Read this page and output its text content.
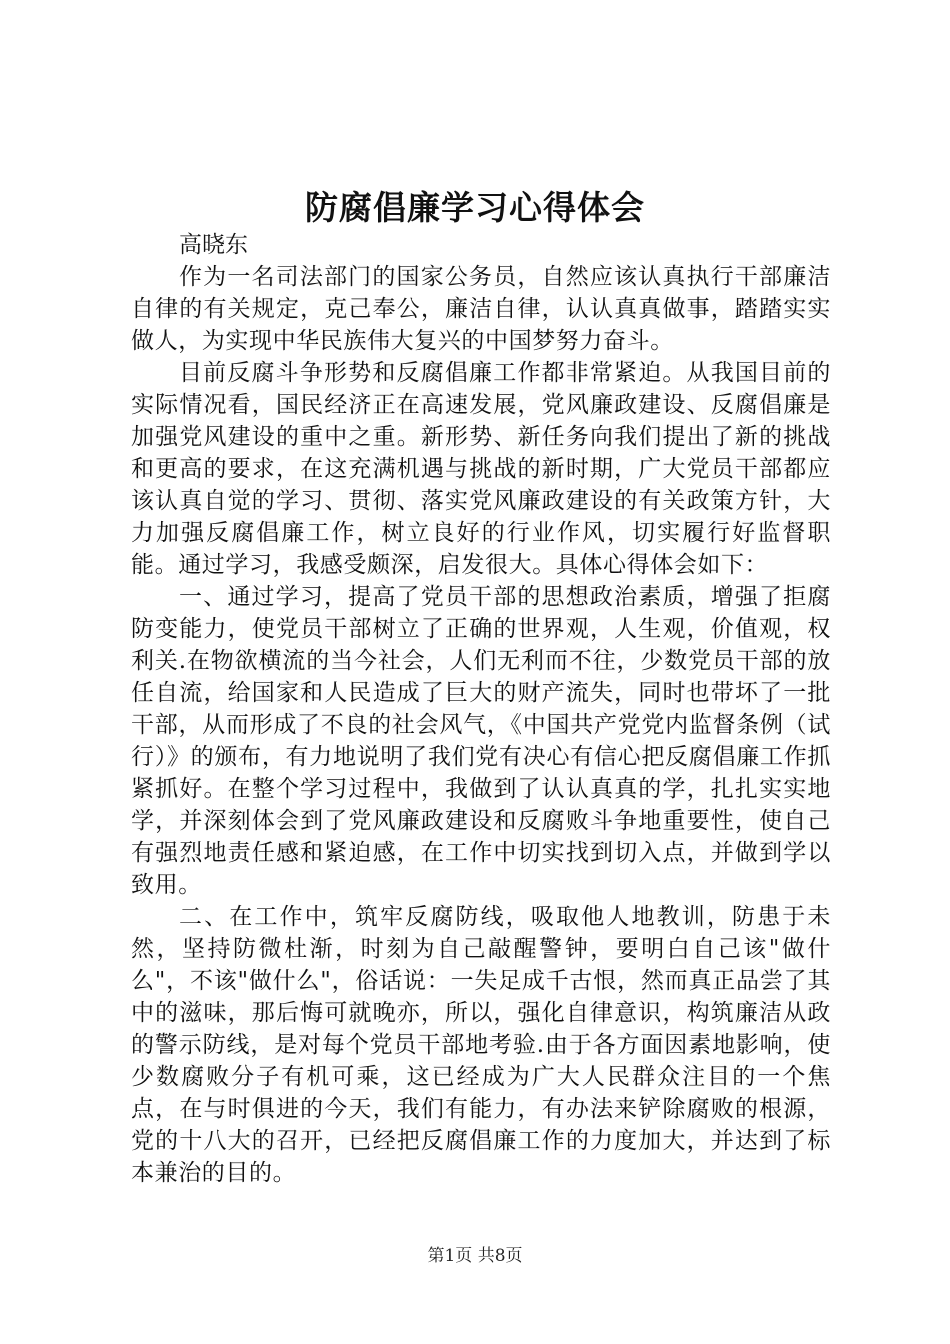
防腐倡廉学习心得体会

高晓东

作为一名司法部门的国家公务员，自然应该认真执行干部廉洁自律的有关规定，克己奉公，廉洁自律，认认真真做事，踏踏实实做人，为实现中华民族伟大复兴的中国梦努力奋斗。

目前反腐斗争形势和反腐倡廉工作都非常紧迫。从我国目前的实际情况看，国民经济正在高速发展，党风廉政建设、反腐倡廉是加强党风建设的重中之重。新形势、新任务向我们提出了新的挑战和更高的要求，在这充满机遇与挑战的新时期，广大党员干部都应该认真自觉的学习、贯彻、落实党风廉政建设的有关政策方针，大力加强反腐倡廉工作，树立良好的行业作风，切实履行好监督职能。通过学习，我感受颇深，启发很大。具体心得体会如下：

一、通过学习，提高了党员干部的思想政治素质，增强了拒腐防变能力，使党员干部树立了正确的世界观，人生观，价值观，权利关.在物欲横流的当今社会，人们无利而不往，少数党员干部的放任自流，给国家和人民造成了巨大的财产流失，同时也带坏了一批干部，从而形成了不良的社会风气，《中国共产党党内监督条例（试行）》的颁布，有力地说明了我们党有决心有信心把反腐倡廉工作抓紧抓好。在整个学习过程中，我做到了认认真真的学，扎扎实实地学，并深刻体会到了党风廉政建设和反腐败斗争地重要性，使自己有强烈地责任感和紧迫感，在工作中切实找到切入点，并做到学以致用。

二、在工作中，筑牢反腐防线，吸取他人地教训，防患于未然，坚持防微杜渐，时刻为自己敲醒警钟，要明白自己该"做什么"，不该"做什么"，俗话说：一失足成千古恨，然而真正品尝了其中的滋味，那后悔可就晚亦，所以，强化自律意识，构筑廉洁从政的警示防线，是对每个党员干部地考验.由于各方面因素地影响，使少数腐败分子有机可乘，这已经成为广大人民群众注目的一个焦点，在与时俱进的今天，我们有能力，有办法来铲除腐败的根源，党的十八大的召开，已经把反腐倡廉工作的力度加大，并达到了标本兼治的目的。

第1页 共8页
